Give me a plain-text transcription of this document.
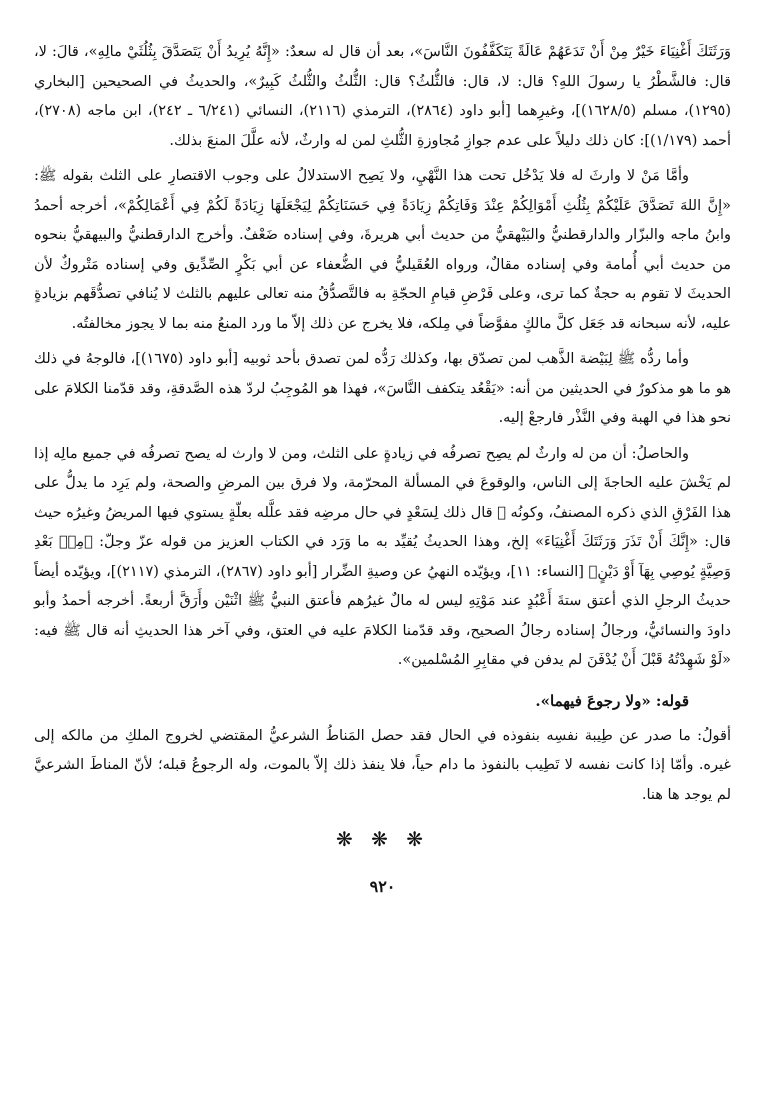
وَرَثَتَكَ أَغْنِيَاءَ خَيْرٌ مِنْ أَنْ تَدَعَهُمْ عَالَةً يَتَكَفَّفُونَ النَّاسَ»، بعد أن قال له سعدٌ: «إِنَّهُ يُرِيدُ أَنْ يَتَصَدَّقَ بِثُلُثَيْ مالِهِ»، قالَ: لا، قال: فالشَّطْرُ يا رسولَ اللهِ؟ قال: لا، قال: فالثُّلثُ؟ قال: الثُّلثُ والثُّلثُ كَبِيرٌ»، والحديثُ في الصحيحين [البخاري (١٢٩٥)، مسلم (١٦٢٨/٥)]، وغيرِهما [أبو داود (٢٨٦٤)، الترمذي (٢١١٦)، النسائي (٦/٢٤١ ـ ٢٤٢)، ابن ماجه (٢٧٠٨)، أحمد (١/١٧٩)]: كان ذلك دليلاً على عدم جوازِ مُجاوزةِ الثُّلثِ لمن له وارثٌ، لأنه علَّلَ المنعَ بذلك.

وأمَّا مَنْ لا وارثَ له فلا يَدْخُل تحت هذا النَّهْيِ، ولا يَصِح الاستدلالُ على وجوب الاقتصارِ على الثلث بقوله ﷺ: «إِنَّ اللهَ تَصَدَّقَ عَلَيْكُمْ بِثُلُثِ أَمْوَالِكُمْ عِنْدَ وَفَاتِكُمْ زِيَادَةً فِي حَسَنَاتِكُمْ لِيَجْعَلَهَا زِيَادَةً لَكُمْ فِي أَعْمَالِكُمْ»، أخرجه أحمدُ وابنُ ماجه والبزّار والدارقطنيُّ والبَيْهقيُّ من حديث أبي هريرةَ، وفي إسناده ضَعْفٌ. وأخرج الدارقطنيُّ والبيهقيُّ بنحوه من حديث أبي أُمامة وفي إسناده مقالٌ، ورواه العُقَيليُّ في الضُّعفاء عن أبي بَكْرٍ الصِّدِّيق وفي إسناده مَتْروكٌ لأن الحديثَ لا تقوم به حجةٌ كما ترى، وعلى فَرْضِ قيامِ الحجّةِ به فالتَّصدُّقُ منه تعالى عليهم بالثلث لا يُنافي تصدُّقَهم بزيادةٍ عليه، لأنه سبحانه قد جَعَل كلَّ مالكٍ مفوَّضاً في مِلكه، فلا يخرج عن ذلك إلاّ ما ورد المنعُ منه بما لا يجوز مخالفتُه.

وأما ردُّه ﷺ لِبَيْضة الذَّهب لمن تصدّق بها، وكذلك رَدُّه لمن تصدق بأحد ثوبيه [أبو داود (١٦٧٥)]، فالوجهُ في ذلك هو ما هو مذكورٌ في الحديثين من أنه: «يَقْعُد يتكفف النَّاسَ»، فهذا هو المُوجِبُ لردّ هذه الصَّدقةِ، وقد قدّمنا الكلامَ على نحو هذا في الهبة وفي النَّذْر فارجعْ إليه.

والحاصلُ: أن من له وارثٌ لم يصِح تصرفُه في زيادةٍ على الثلث، ومن لا وارث له يصح تصرفُه في جميع مالِه إذا لم يَخْشَ عليه الحاجةَ إلى الناس، والوقوعَ في المسألة المحرّمة، ولا فرق بين المرضِ والصحة، ولم يَرِد ما يدلُّ على هذا الفَرْقِ الذي ذكره المصنفُ، وكونُه ﷺ قال ذلك لِسَعْدٍ في حال مرضِه فقد علَّله بعلّةٍ يستوي فيها المريضُ وغيرُه حيث قال: «إِنَّكَ أَنْ تَذَرَ وَرَثَتَكَ أَغْنِيَاءَ» إلخ، وهذا الحديثُ يُقيِّد به ما وَرَد في الكتاب العزيز من قوله عزّ وجلّ: ﴿مِنۢ بَعْدِ وَصِيَّةٍ يُوصِي بِهَآ أَوْ دَيْنٍ﴾ [النساء: ١١]، ويؤيّده النهيُ عن وصيةِ الضِّرار [أبو داود (٢٨٦٧)، الترمذي (٢١١٧)]، ويؤيّده أيضاً حديثُ الرجلِ الذي أعتق ستةَ أَعْبُدٍ عند مَوْتِهِ ليس له مالٌ غيرُهم فأعتق النبيُّ ﷺ اثْنَيْن وأَرَقَّ أربعةً. أخرجه أحمدُ وأبو داودَ والنسائيُّ، ورجالُ إسناده رجالُ الصحيح، وقد قدّمنا الكلامَ عليه في العتق، وفي آخر هذا الحديثِ أنه قال ﷺ فيه: «لَوْ شَهِدْتُهُ قَبْلَ أَنْ يُدْفَنَ لم يدفن في مقابِرِ المُسْلمين».

قوله: «ولا رجوعَ فيهما».

أقولُ: ما صدر عن طِيبة نفسِه بنفوذه في الحال فقد حصل المَناطُ الشرعيُّ المقتضي لخروج الملكِ من مالكه إلى غيره. وأمّا إذا كانت نفسه لا تَطِيب بالنفوذ ما دام حياً، فلا ينفذ ذلك إلاّ بالموت، وله الرجوعُ قبله؛ لأنّ المناطَ الشرعيَّ لم يوجد ها هنا.

❋ ❋ ❋
٩٢٠
